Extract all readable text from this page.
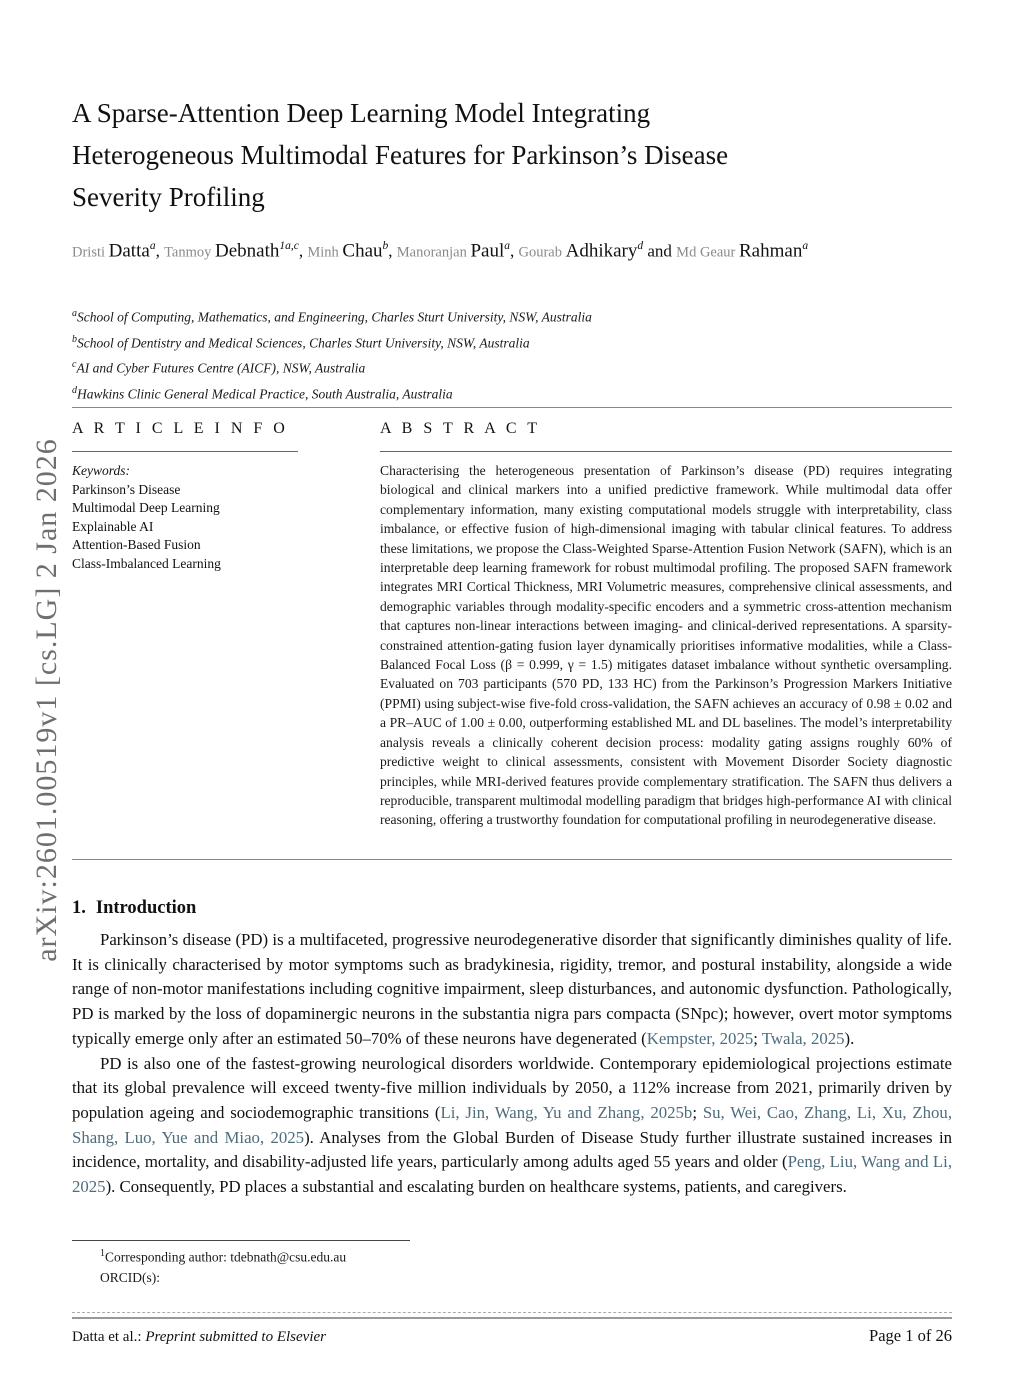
arXiv:2601.00519v1 [cs.LG] 2 Jan 2026
A Sparse-Attention Deep Learning Model Integrating
Heterogeneous Multimodal Features for Parkinson’s Disease
Severity Profiling
Dristi Datta$^a$, Tanmoy Debnath$^{1a,c}$, Minh Chau$^b$, Manoranjan Paul$^a$, Gourab Adhikary$^d$ and Md Geaur Rahman$^a$
$^a$School of Computing, Mathematics, and Engineering, Charles Sturt University, NSW, Australia
$^b$School of Dentistry and Medical Sciences, Charles Sturt University, NSW, Australia
$^c$AI and Cyber Futures Centre (AICF), NSW, Australia
$^d$Hawkins Clinic General Medical Practice, South Australia, Australia
A R T I C L E I N F O
Keywords:
Parkinson’s Disease
Multimodal Deep Learning
Explainable AI
Attention-Based Fusion
Class-Imbalanced Learning
A B S T R A C T
Characterising the heterogeneous presentation of Parkinson’s disease (PD) requires integrating biological and clinical markers into a unified predictive framework. While multimodal data offer complementary information, many existing computational models struggle with interpretability, class imbalance, or effective fusion of high-dimensional imaging with tabular clinical features. To address these limitations, we propose the Class-Weighted Sparse-Attention Fusion Network (SAFN), which is an interpretable deep learning framework for robust multimodal profiling. The proposed SAFN framework integrates MRI Cortical Thickness, MRI Volumetric measures, comprehensive clinical assessments, and demographic variables through modality-specific encoders and a symmetric cross-attention mechanism that captures non-linear interactions between imaging- and clinical-derived representations. A sparsity-constrained attention-gating fusion layer dynamically prioritises informative modalities, while a Class-Balanced Focal Loss (β = 0.999, γ = 1.5) mitigates dataset imbalance without synthetic oversampling. Evaluated on 703 participants (570 PD, 133 HC) from the Parkinson’s Progression Markers Initiative (PPMI) using subject-wise five-fold cross-validation, the SAFN achieves an accuracy of 0.98 ± 0.02 and a PR–AUC of 1.00 ± 0.00, outperforming established ML and DL baselines. The model’s interpretability analysis reveals a clinically coherent decision process: modality gating assigns roughly 60% of predictive weight to clinical assessments, consistent with Movement Disorder Society diagnostic principles, while MRI-derived features provide complementary stratification. The SAFN thus delivers a reproducible, transparent multimodal modelling paradigm that bridges high-performance AI with clinical reasoning, offering a trustworthy foundation for computational profiling in neurodegenerative disease.
1. Introduction

Parkinson’s disease (PD) is a multifaceted, progressive neurodegenerative disorder that significantly diminishes quality of life. It is clinically characterised by motor symptoms such as bradykinesia, rigidity, tremor, and postural instability, alongside a wide range of non-motor manifestations including cognitive impairment, sleep disturbances, and autonomic dysfunction. Pathologically, PD is marked by the loss of dopaminergic neurons in the substantia nigra pars compacta (SNpc); however, overt motor symptoms typically emerge only after an estimated 50–70% of these neurons have degenerated (Kempster, 2025; Twala, 2025).

PD is also one of the fastest-growing neurological disorders worldwide. Contemporary epidemiological projections estimate that its global prevalence will exceed twenty-five million individuals by 2050, a 112% increase from 2021, primarily driven by population ageing and sociodemographic transitions (Li, Jin, Wang, Yu and Zhang, 2025b; Su, Wei, Cao, Zhang, Li, Xu, Zhou, Shang, Luo, Yue and Miao, 2025). Analyses from the Global Burden of Disease Study further illustrate sustained increases in incidence, mortality, and disability-adjusted life years, particularly among adults aged 55 years and older (Peng, Liu, Wang and Li, 2025). Consequently, PD places a substantial and escalating burden on healthcare systems, patients, and caregivers.

$^1$Corresponding author: tdebnath@csu.edu.au
ORCID(s):
Datta et al.: Preprint submitted to Elsevier	Page 1 of 26
